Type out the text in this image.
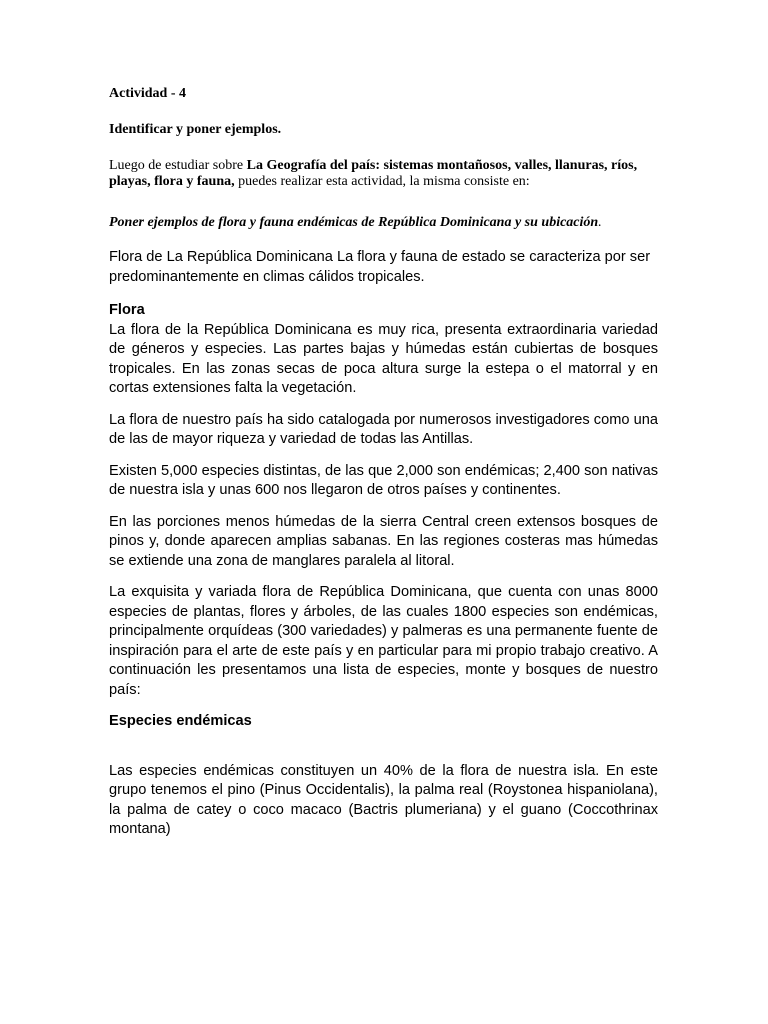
Actividad - 4

Identificar y poner ejemplos.

Luego de estudiar sobre La Geografía del país: sistemas montañosos, valles, llanuras, ríos, playas, flora y fauna, puedes realizar esta actividad, la misma consiste en:

Poner ejemplos de flora y fauna endémicas de República Dominicana y su ubicación.

Flora de La República Dominicana La flora y fauna de estado se caracteriza por ser predominantemente en climas cálidos tropicales.

Flora

La flora de la República Dominicana es muy rica, presenta extraordinaria variedad de géneros y especies. Las partes bajas y húmedas están cubiertas de bosques tropicales. En las zonas secas de poca altura surge la estepa o el matorral y en cortas extensiones falta la vegetación.

La flora de nuestro país ha sido catalogada por numerosos investigadores como una de las de mayor riqueza y variedad de todas las Antillas.

Existen 5,000 especies distintas, de las que 2,000 son endémicas; 2,400 son nativas de nuestra isla y unas 600 nos llegaron de otros países y continentes.

En las porciones menos húmedas de la sierra Central creen extensos bosques de pinos y, donde aparecen amplias sabanas. En las regiones costeras mas húmedas se extiende una zona de manglares paralela al litoral.

La exquisita y variada flora de República Dominicana, que cuenta con unas 8000 especies de plantas, flores y árboles, de las cuales 1800 especies son endémicas, principalmente orquídeas (300 variedades) y palmeras es una permanente fuente de inspiración para el arte de este país y en particular para mi propio trabajo creativo. A continuación les presentamos una lista de especies, monte y bosques de nuestro país:

Especies endémicas

Las especies endémicas constituyen un 40% de la flora de nuestra isla. En este grupo tenemos el pino (Pinus Occidentalis), la palma real (Roystonea hispaniolana), la palma de catey o coco macaco (Bactris plumeriana) y el guano (Coccothrinax montana)
